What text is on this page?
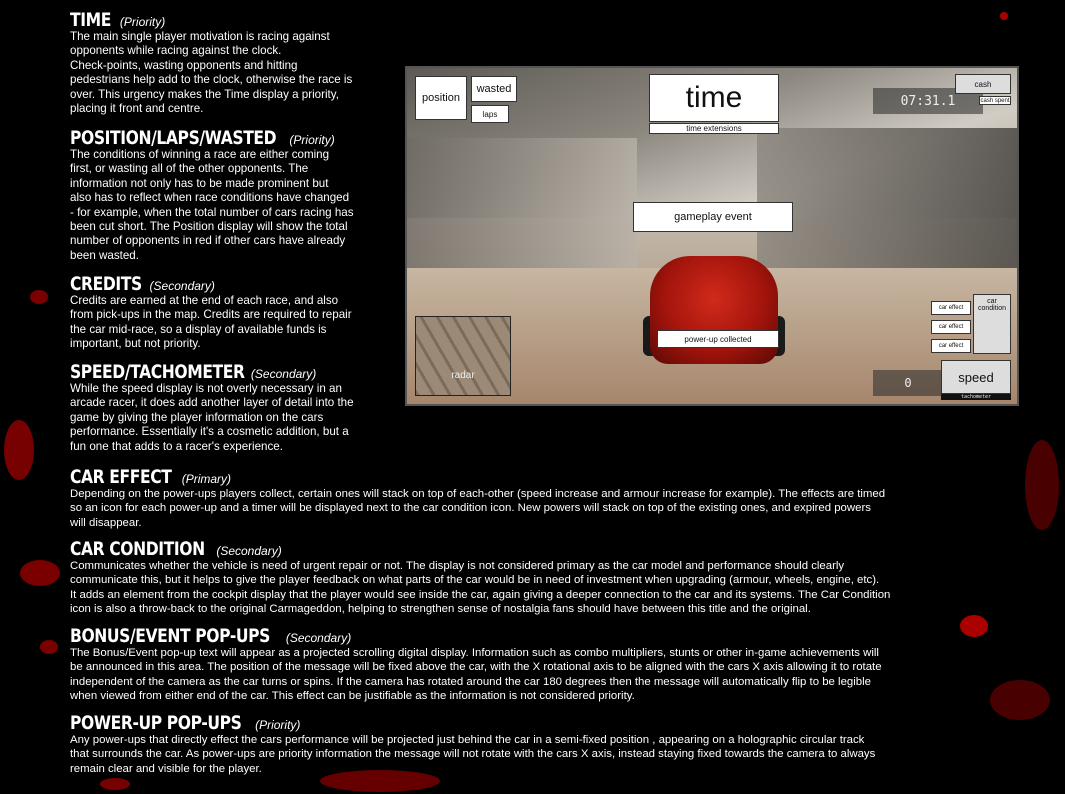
TIME (Priority)
The main single player motivation is racing against
opponents while racing against the clock.
Check-points, wasting opponents and hitting
pedestrians help add to the clock, otherwise the race is
over. This urgency makes the Time display a priority,
placing it front and centre.
POSITION/LAPS/WASTED (Priority)
The conditions of winning a race are either coming
first, or wasting all of the other opponents. The
information not only has to be made prominent but
also has to reflect when race conditions have changed
- for example, when the total number of cars racing has
been cut short. The Position display will show the total
number of opponents in red if other cars have already
been wasted.
CREDITS (Secondary)
Credits are earned at the end of each race, and also
from pick-ups in the map. Credits are required to repair
the car mid-race, so a display of available funds is
important, but not priority.
SPEED/TACHOMETER (Secondary)
While the speed display is not overly necessary in an
arcade racer, it does add another layer of detail into the
game by giving the player information on the cars
performance. Essentially it's a cosmetic addition, but a
fun one that adds to a racer's experience.
CAR EFFECT (Primary)
Depending on the power-ups players collect, certain ones will stack on top of each-other (speed increase and armour increase for example). The effects are timed
so an icon for each power-up and a timer will be displayed next to the car condition icon. New powers will stack on top of the existing ones, and expired powers
will disappear.
CAR CONDITION (Secondary)
Communicates whether the vehicle is need of urgent repair or not. The display is not considered primary as the car model and performance should clearly
communicate this, but it helps to give the player feedback on what parts of the car would be in need of investment when upgrading (armour, wheels, engine, etc).
It adds an element from the cockpit display that the player would see inside the car, again giving a deeper connection to the car and its systems. The Car Condition
icon is also a throw-back to the original Carmageddon, helping to strengthen sense of nostalgia fans should have between this title and the original.
BONUS/EVENT POP-UPS (Secondary)
The Bonus/Event pop-up text will appear as a projected scrolling digital display. Information such as combo multipliers, stunts or other in-game achievements will
be announced in this area. The position of the message will be fixed above the car, with the X rotational axis to be aligned with the cars X axis allowing it to rotate
independent of the camera as the car turns or spins. If the camera has rotated around the car 180 degrees then the message will automatically flip to be legible
when viewed from either end of the car. This effect can be justifiable as the information is not considered priority.
POWER-UP POP-UPS (Priority)
Any power-ups that directly effect the cars performance will be projected just behind the car in a semi-fixed position , appearing on a holographic circular track
that surrounds the car. As power-ups are priority information the message will not rotate with the cars X axis, instead staying fixed towards the camera to always
remain clear and visible for the player.
position
wasted
laps	time
time extensions
07:31.1
cash
cash spent
gameplay event
power-up collected
car effect
car effect
car effect
car condition
radar
0	speed
tachometer
